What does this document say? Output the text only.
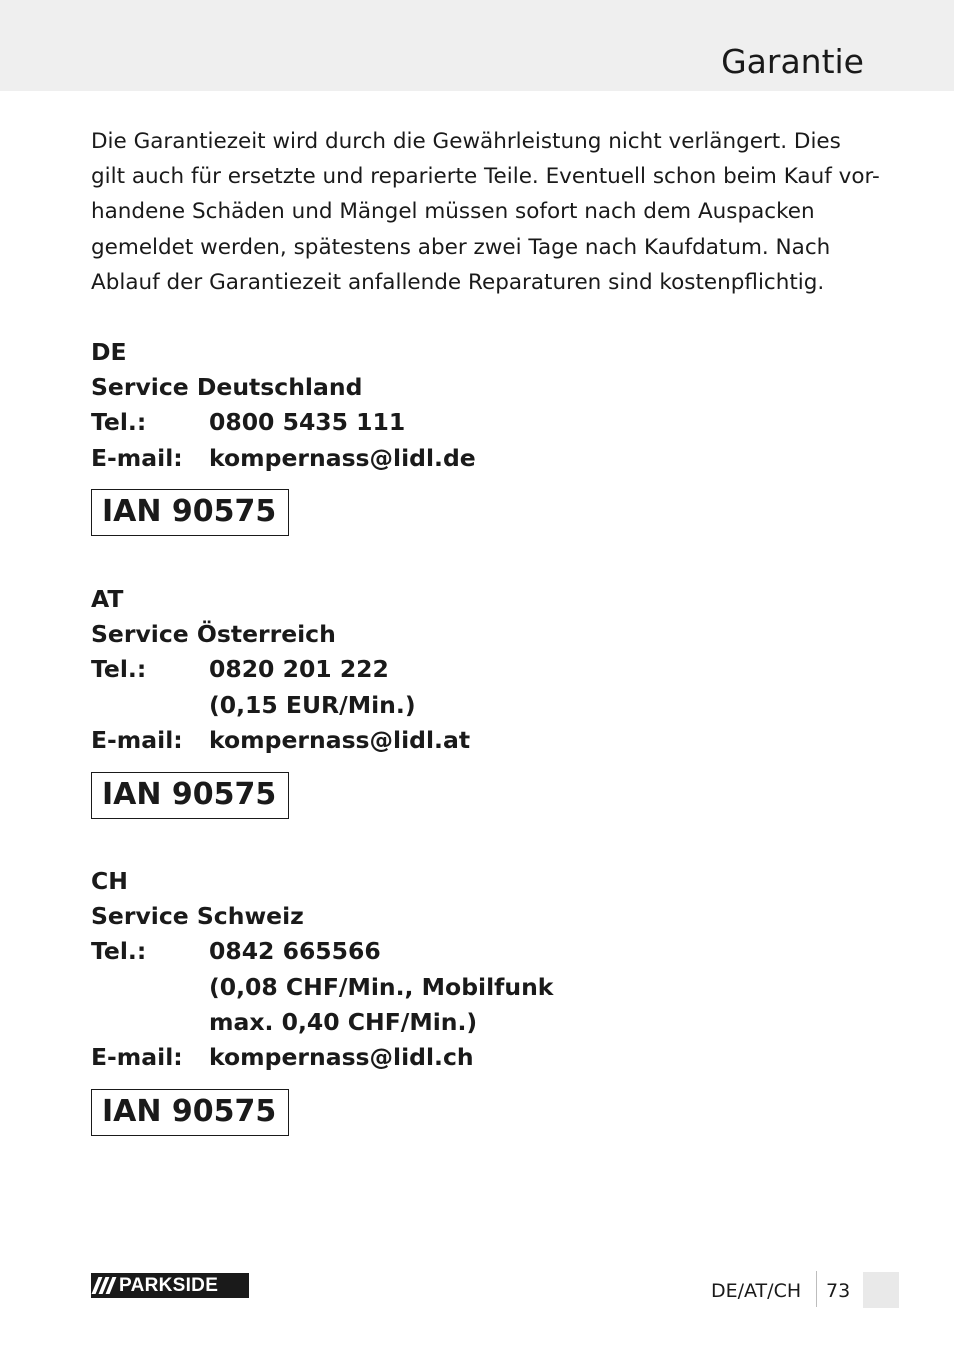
Garantie
Die Garantiezeit wird durch die Gewährleistung nicht verlängert. Dies
gilt auch für ersetzte und reparierte Teile. Eventuell schon beim Kauf vor-
handene Schäden und Mängel müssen sofort nach dem Auspacken
gemeldet werden, spätestens aber zwei Tage nach Kaufdatum. Nach
Ablauf der Garantiezeit anfallende Reparaturen sind kostenpflichtig.
DE
Service Deutschland
Tel.:	0800 5435 111
E-mail:	kompernass@lidl.de
IAN 90575
AT
Service Österreich
Tel.:	0820 201 222
(0,15 EUR/Min.)
E-mail:	kompernass@lidl.at
IAN 90575
CH
Service Schweiz
Tel.:	0842 665566
(0,08 CHF/Min., Mobilfunk
max. 0,40 CHF/Min.)
E-mail:	kompernass@lidl.ch
IAN 90575
PARKSIDE	DE/AT/CH 73
